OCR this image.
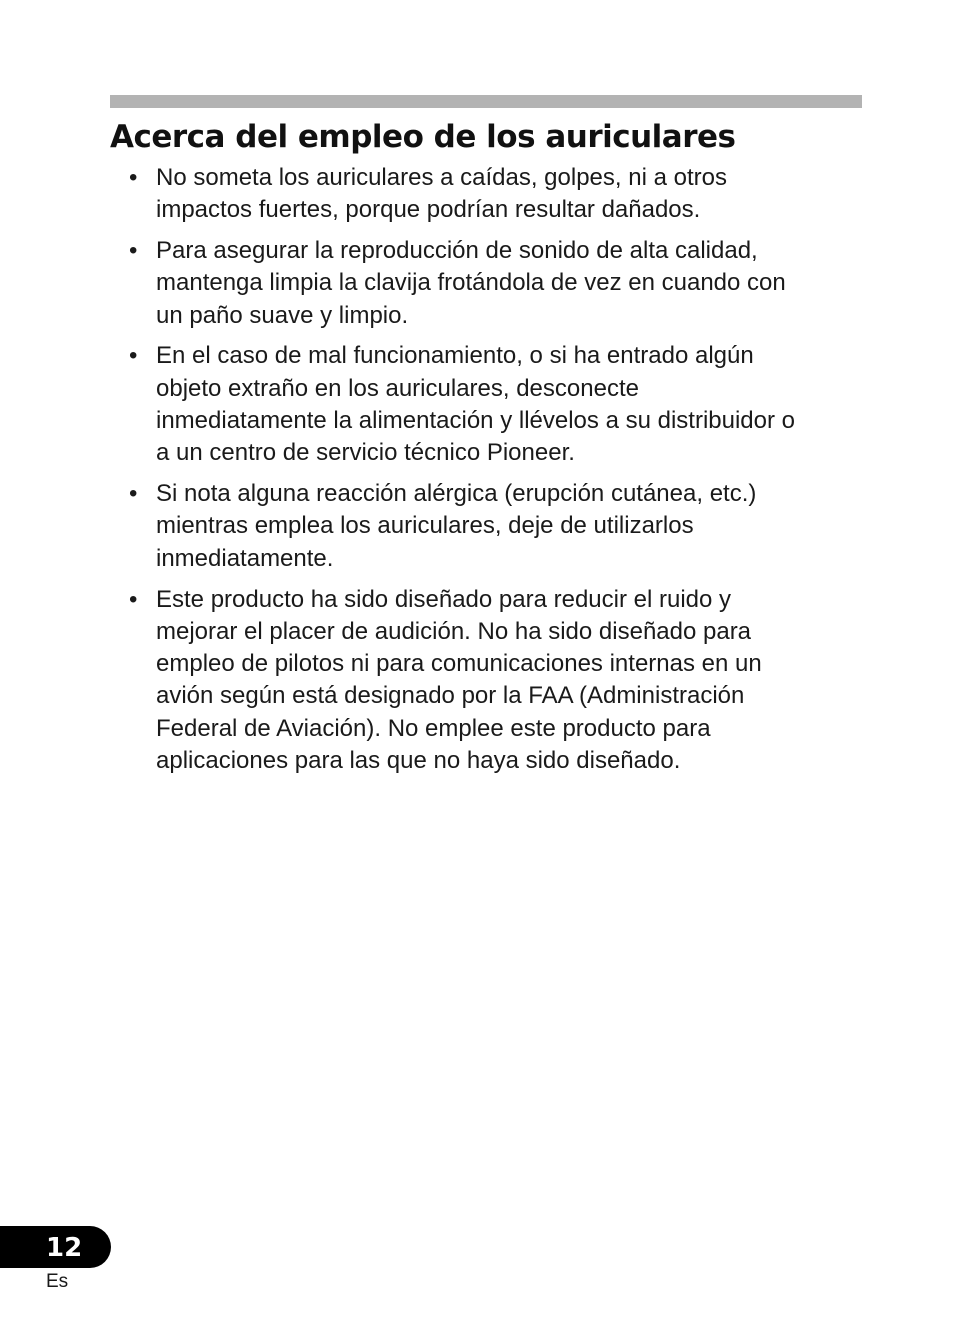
Acerca del empleo de los auriculares
• No someta los auriculares a caídas, golpes, ni a otros
impactos fuertes, porque podrían resultar dañados.
• Para asegurar la reproducción de sonido de alta calidad,
mantenga limpia la clavija frotándola de vez en cuando con
un paño suave y limpio.
• En el caso de mal funcionamiento, o si ha entrado algún
objeto extraño en los auriculares, desconecte
inmediatamente la alimentación y llévelos a su distribuidor o
a un centro de servicio técnico Pioneer.
• Si nota alguna reacción alérgica (erupción cutánea, etc.)
mientras emplea los auriculares, deje de utilizarlos
inmediatamente.
• Este producto ha sido diseñado para reducir el ruido y
mejorar el placer de audición. No ha sido diseñado para
empleo de pilotos ni para comunicaciones internas en un
avión según está designado por la FAA (Administración
Federal de Aviación). No emplee este producto para
aplicaciones para las que no haya sido diseñado.
12
Es
